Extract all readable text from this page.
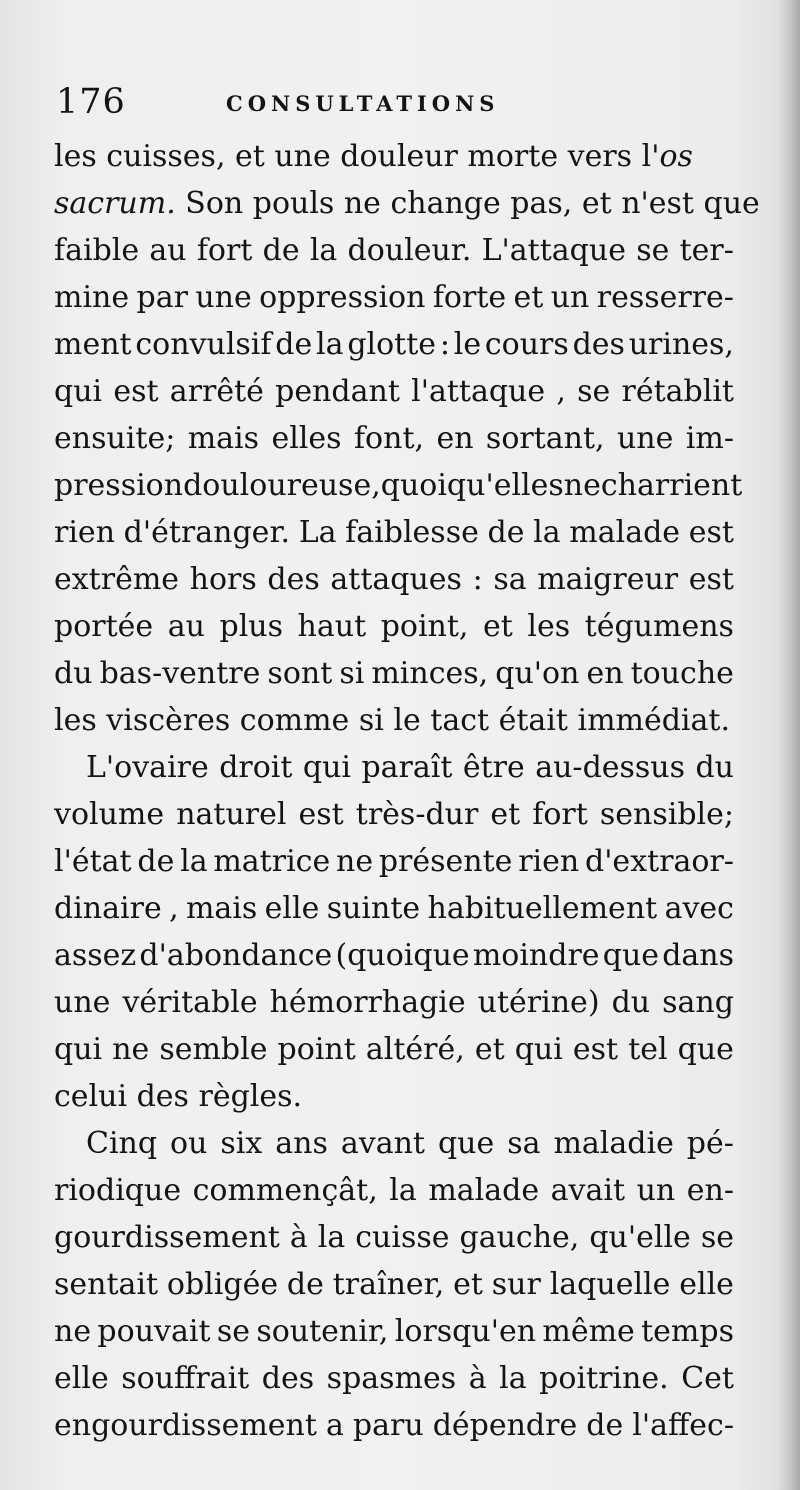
176	CONSULTATIONS
les cuisses, et une douleur morte vers l' os
sacrum. Son pouls ne change pas, et n'est que
faible au fort de la douleur. L'attaque se ter-
mine par une oppression forte et un resserre-
ment convulsif de la glotte : le cours des urines,
qui est arrêté pendant l'attaque , se rétablit
ensuite; mais elles font, en sortant, une im-
pression douloureuse, quoiqu'elles ne charrient
rien d'étranger. La faiblesse de la malade est
extrême hors des attaques : sa maigreur est
portée au plus haut point, et les tégumens
du bas-ventre sont si minces, qu'on en touche
les viscères comme si le tact était immédiat.
L'ovaire droit qui paraît être au-dessus du
volume naturel est très-dur et fort sensible;
l'état de la matrice ne présente rien d'extraor-
dinaire , mais elle suinte habituellement avec
assez d'abondance (quoique moindre que dans
une véritable hémorrhagie utérine) du sang
qui ne semble point altéré, et qui est tel que
celui des règles.
Cinq ou six ans avant que sa maladie pé-
riodique commençât, la malade avait un en-
gourdissement à la cuisse gauche, qu'elle se
sentait obligée de traîner, et sur laquelle elle
ne pouvait se soutenir, lorsqu'en même temps
elle souffrait des spasmes à la poitrine. Cet
engourdissement a paru dépendre de l'affec-
